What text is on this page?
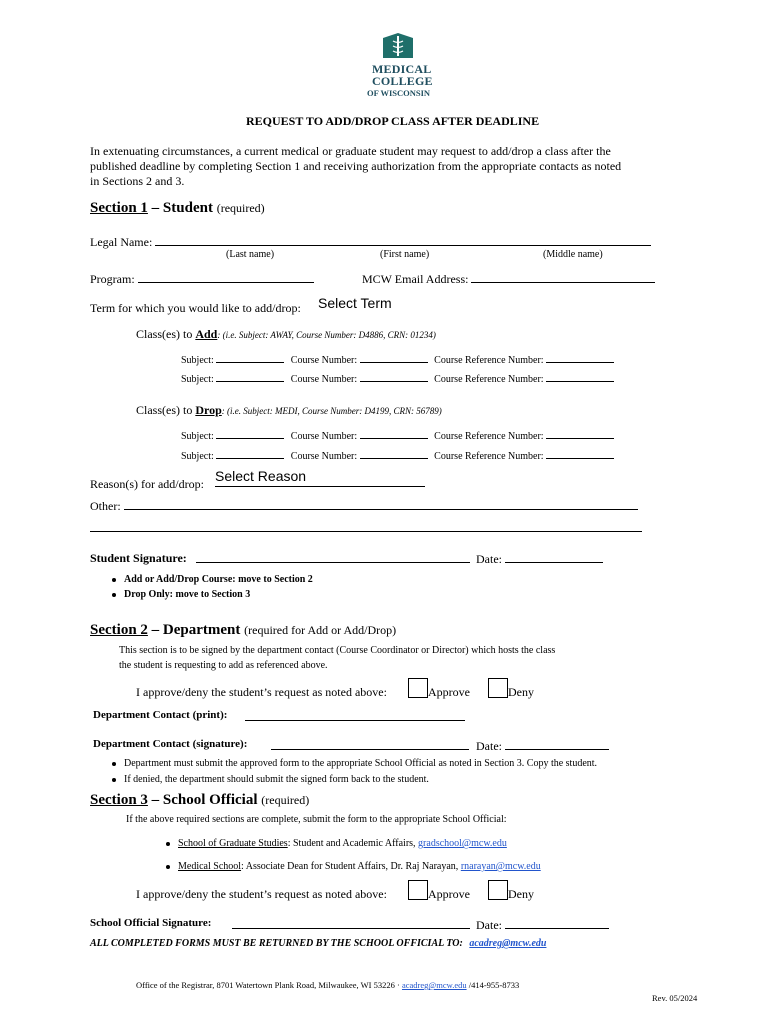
MEDICAL
COLLEGE
OF WISCONSIN
REQUEST TO ADD/DROP CLASS AFTER DEADLINE
In extenuating circumstances, a current medical or graduate student may request to add/drop a class after the
published deadline by completing Section 1 and receiving authorization from the appropriate contacts as noted
in Sections 2 and 3.
Section 1 – Student (required)
Legal Name:
(Last name)	(First name)	(Middle name)
Program:	MCW Email Address:
Term for which you would like to add/drop: Select Term
Class(es) to Add: (i.e. Subject: AWAY, Course Number: D4886, CRN: 01234)
Subject:	Course Number:	Course Reference Number:
Subject:	Course Number:	Course Reference Number:
Class(es) to Drop: (i.e. Subject: MEDI, Course Number: D4199, CRN: 56789)
Subject:	Course Number:	Course Reference Number:
Subject:	Course Number:	Course Reference Number:
Reason(s) for add/drop: Select Reason
Other:
Student Signature:	Date:
Add or Add/Drop Course: move to Section 2
Drop Only: move to Section 3
Section 2 – Department (required for Add or Add/Drop)
This section is to be signed by the department contact (Course Coordinator or Director) which hosts the class
the student is requesting to add as referenced above.
I approve/deny the student’s request as noted above:	Approve	Deny
Department Contact (print):
Department Contact (signature):	Date:
Department must submit the approved form to the appropriate School Official as noted in Section 3. Copy the student.
If denied, the department should submit the signed form back to the student.
Section 3 – School Official (required)
If the above required sections are complete, submit the form to the appropriate School Official:
School of Graduate Studies: Student and Academic Affairs, gradschool@mcw.edu
Medical School: Associate Dean for Student Affairs, Dr. Raj Narayan, rnarayan@mcw.edu
I approve/deny the student’s request as noted above:	Approve	Deny
School Official Signature:	Date:
ALL COMPLETED FORMS MUST BE RETURNED BY THE SCHOOL OFFICIAL TO: acadreg@mcw.edu
Office of the Registrar, 8701 Watertown Plank Road, Milwaukee, WI 53226 · acadreg@mcw.edu /414-955-8733
Rev. 05/2024
